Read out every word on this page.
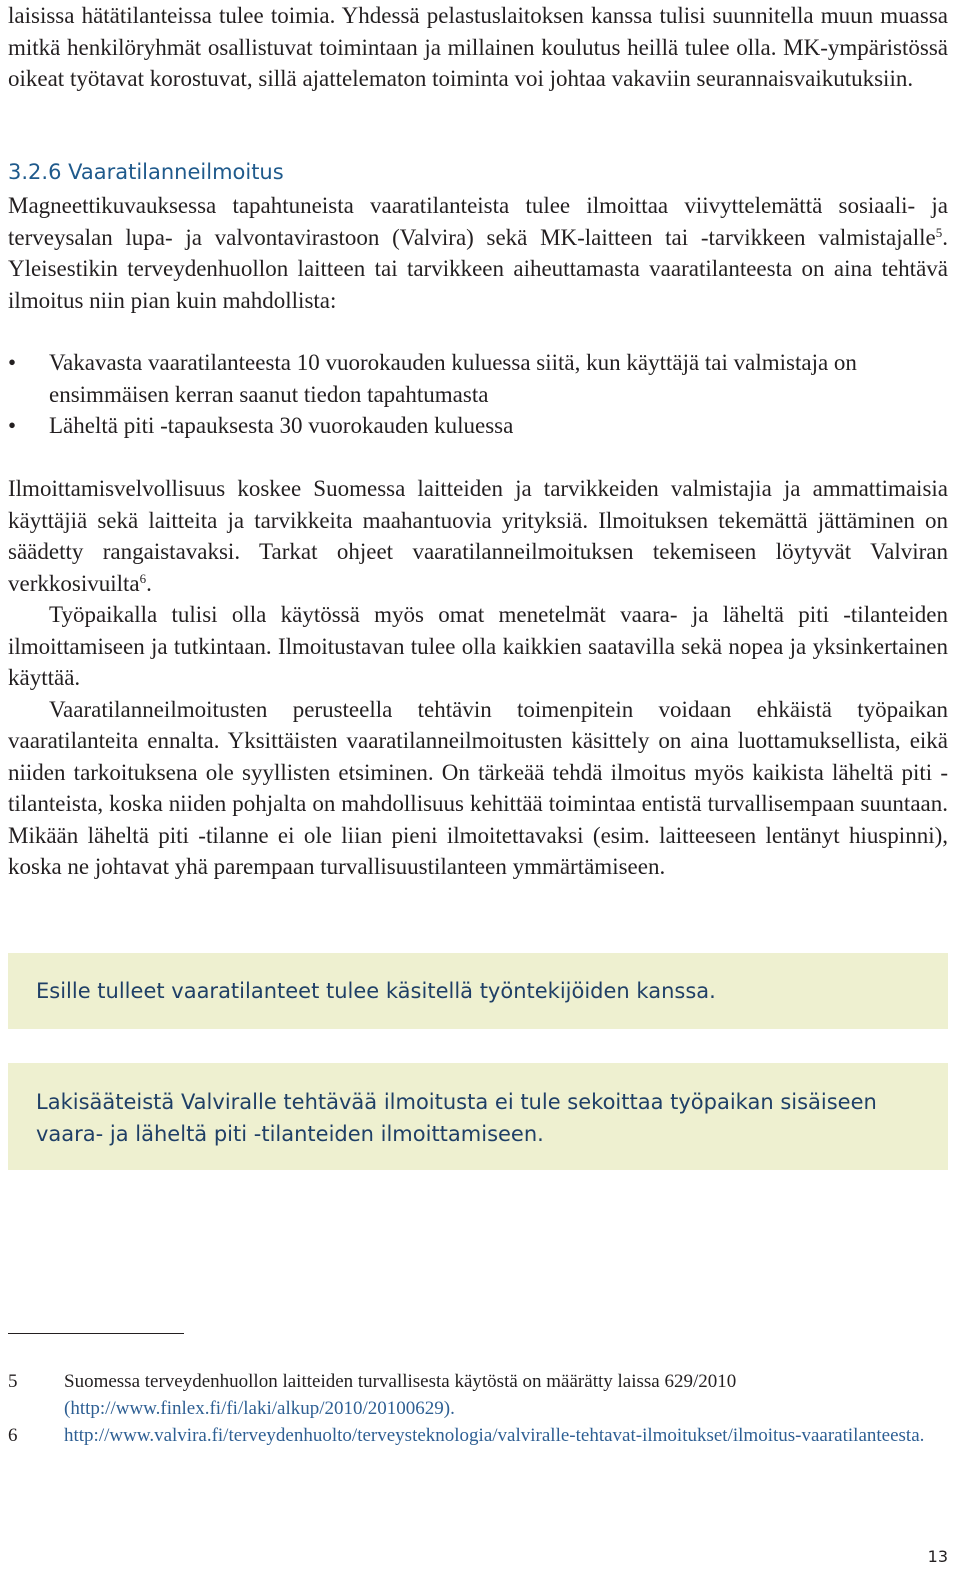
laisissa hätätilanteissa tulee toimia. Yhdessä pelastuslaitoksen kanssa tulisi suunnitella muun muassa mitkä henkilöryhmät osallistuvat toimintaan ja millainen koulutus heillä tulee olla. MK-ympäristössä oikeat työtavat korostuvat, sillä ajattelematon toiminta voi johtaa vakaviin seurannaisvaikutuksiin.

3.2.6 Vaaratilanneilmoitus

Magneettikuvauksessa tapahtuneista vaaratilanteista tulee ilmoittaa viivyttelemättä sosiaali- ja terveysalan lupa- ja valvontavirastoon (Valvira) sekä MK-laitteen tai -tarvikkeen valmistajalle$^5$. Yleisestikin terveydenhuollon laitteen tai tarvikkeen aiheuttamasta vaaratilanteesta on aina tehtävä ilmoitus niin pian kuin mahdollista:

• Vakavasta vaaratilanteesta 10 vuorokauden kuluessa siitä, kun käyttäjä tai valmistaja on ensimmäisen kerran saanut tiedon tapahtumasta
• Läheltä piti -tapauksesta 30 vuorokauden kuluessa

Ilmoittamisvelvollisuus koskee Suomessa laitteiden ja tarvikkeiden valmistajia ja ammattimaisia käyttäjiä sekä laitteita ja tarvikkeita maahantuovia yrityksiä. Ilmoituksen tekemättä jättäminen on säädetty rangaistavaksi. Tarkat ohjeet vaaratilanneilmoituksen tekemiseen löytyvät Valviran verkkosivuilta$^6$.

Työpaikalla tulisi olla käytössä myös omat menetelmät vaara- ja läheltä piti -tilanteiden ilmoittamiseen ja tutkintaan. Ilmoitustavan tulee olla kaikkien saatavilla sekä nopea ja yksinkertainen käyttää.

Vaaratilanneilmoitusten perusteella tehtävin toimenpitein voidaan ehkäistä työpaikan vaaratilanteita ennalta. Yksittäisten vaaratilanneilmoitusten käsittely on aina luottamuksellista, eikä niiden tarkoituksena ole syyllisten etsiminen. On tärkeää tehdä ilmoitus myös kaikista läheltä piti -tilanteista, koska niiden pohjalta on mahdollisuus kehittää toimintaa entistä turvallisempaan suuntaan. Mikään läheltä piti -tilanne ei ole liian pieni ilmoitettavaksi (esim. laitteeseen lentänyt hiuspinni), koska ne johtavat yhä parempaan turvallisuustilanteen ymmärtämiseen.

Esille tulleet vaaratilanteet tulee käsitellä työntekijöiden kanssa.
Lakisääteistä Valviralle tehtävää ilmoitusta ei tule sekoittaa työpaikan sisäiseen vaara- ja läheltä piti -tilanteiden ilmoittamiseen.
5 Suomessa terveydenhuollon laitteiden turvallisesta käytöstä on määrätty laissa 629/2010
(http://www.finlex.fi/fi/laki/alkup/2010/20100629).
6 http://www.valvira.fi/terveydenhuolto/terveysteknologia/valviralle-tehtavat-ilmoitukset/ilmoitus-vaaratilanteesta.
13
